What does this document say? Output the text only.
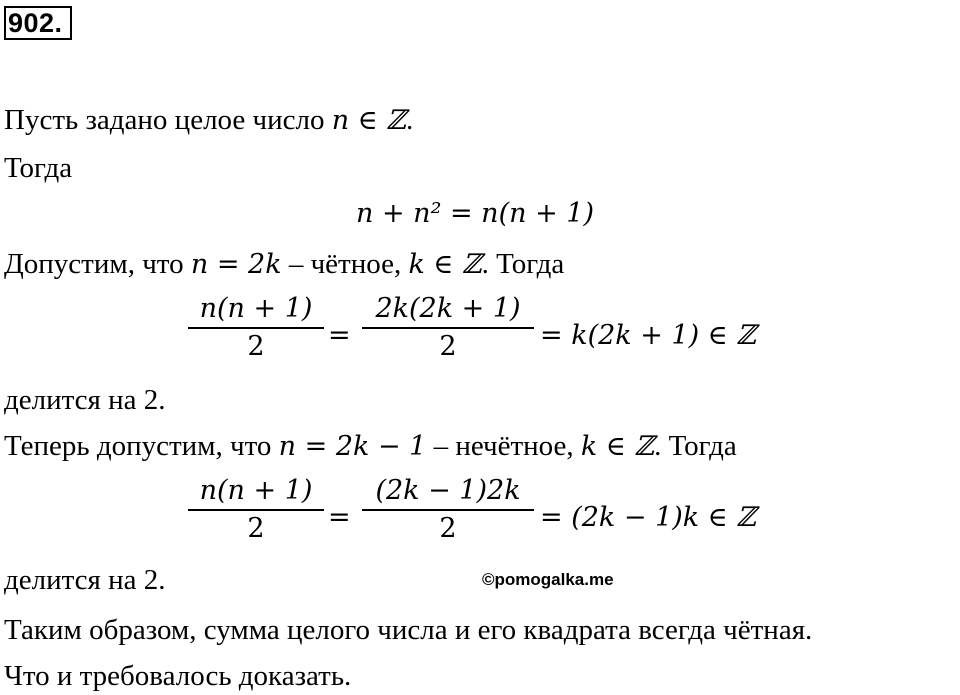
902.
Пусть задано целое число n ∈ ℤ.
Тогда
n + n² = n(n + 1)
Допустим, что n = 2k – чётное, k ∈ ℤ. Тогда
n(n + 1)
2	=
2k(2k + 1)
2	= k(2k + 1) ∈ ℤ
делится на 2.
Теперь допустим, что n = 2k − 1 – нечётное, k ∈ ℤ. Тогда
n(n + 1)
2	=
(2k − 1)2k
2	= (2k − 1)k ∈ ℤ
делится на 2.	©pomogalka.me
Таким образом, сумма целого числа и его квадрата всегда чётная.
Что и требовалось доказать.
